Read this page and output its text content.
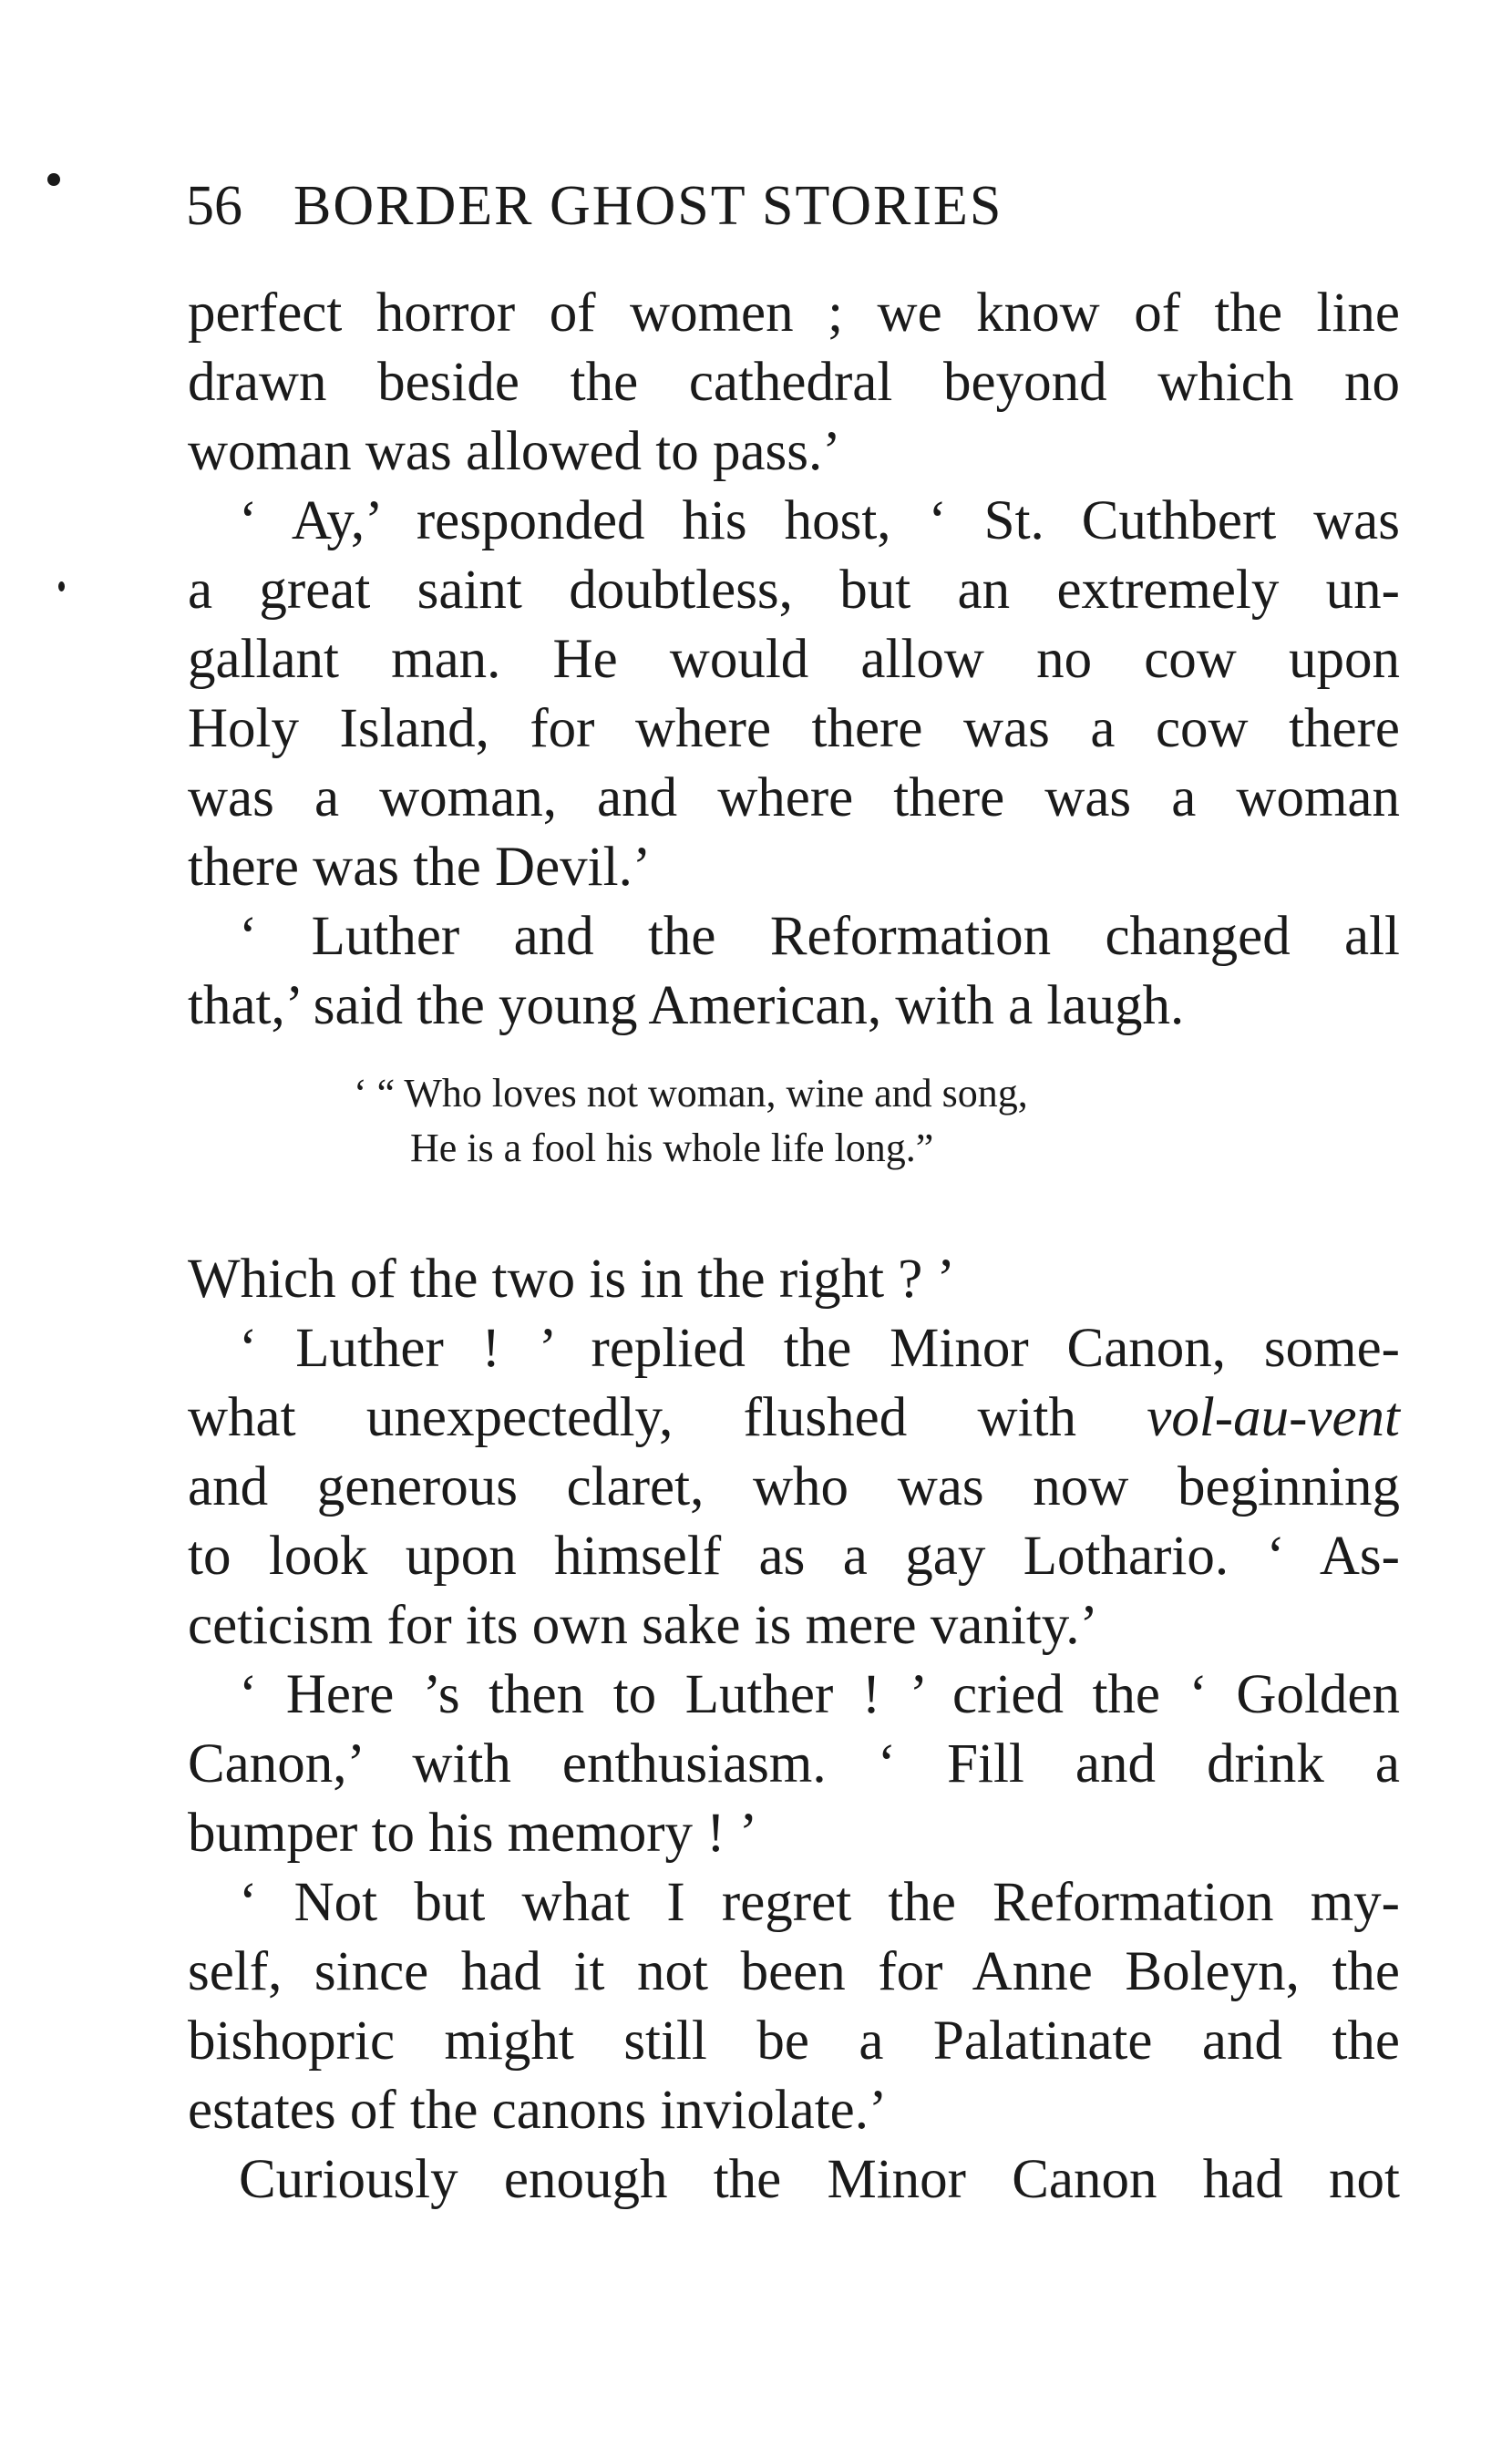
56 BORDER GHOST STORIES
perfect horror of women ; we know of the line
drawn beside the cathedral beyond which no
woman was allowed to pass.’
‘ Ay,’ responded his host, ‘ St. Cuthbert was
a great saint doubtless, but an extremely un-
gallant man. He would allow no cow upon
Holy Island, for where there was a cow there
was a woman, and where there was a woman
there was the Devil.’
‘ Luther and the Reformation changed all
that,’ said the young American, with a laugh.
‘ “ Who loves not woman, wine and song,
He is a fool his whole life long.”
Which of the two is in the right ? ’
‘ Luther ! ’ replied the Minor Canon, some-
what unexpectedly, flushed with vol-au-vent
and generous claret, who was now beginning
to look upon himself as a gay Lothario. ‘ As-
ceticism for its own sake is mere vanity.’
‘ Here ’s then to Luther ! ’ cried the ‘ Golden
Canon,’ with enthusiasm. ‘ Fill and drink a
bumper to his memory ! ’
‘ Not but what I regret the Reformation my-
self, since had it not been for Anne Boleyn, the
bishopric might still be a Palatinate and the
estates of the canons inviolate.’
Curiously enough the Minor Canon had not
